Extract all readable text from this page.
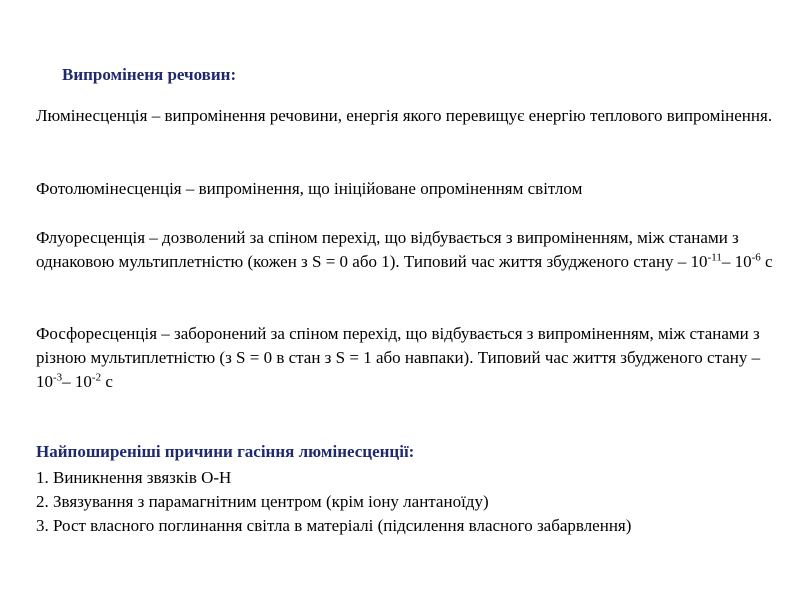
Випроміненя речовин:

Люмінесценція – випромінення речовини, енергія якого перевищує енергію теплового випромінення.

Фотолюмінесценція – випромінення, що ініційоване опроміненням світлом

Флуоресценція – дозволений за спіном перехід, що відбувається з випроміненням, між станами з однаковою мультиплетністю (кожен з S = 0 або 1). Типовий час життя збудженого стану – $10^{-11}-$ $10^{-6}$ с

Фосфоресценція – заборонений за спіном перехід, що відбувається з випроміненням, між станами з різною мультиплетністю (з S = 0 в стан з S = 1 або навпаки). Типовий час життя збудженого стану – $10^{-3}-$ $10^{-2}$ с

Найпоширеніші причини гасіння люмінесценції:

1. Виникнення звязків O-H
2. Звязування з парамагнітним центром (крім іону лантаноїду)
3. Рост власного поглинання світла в матеріалі (підсилення власного забарвлення)
